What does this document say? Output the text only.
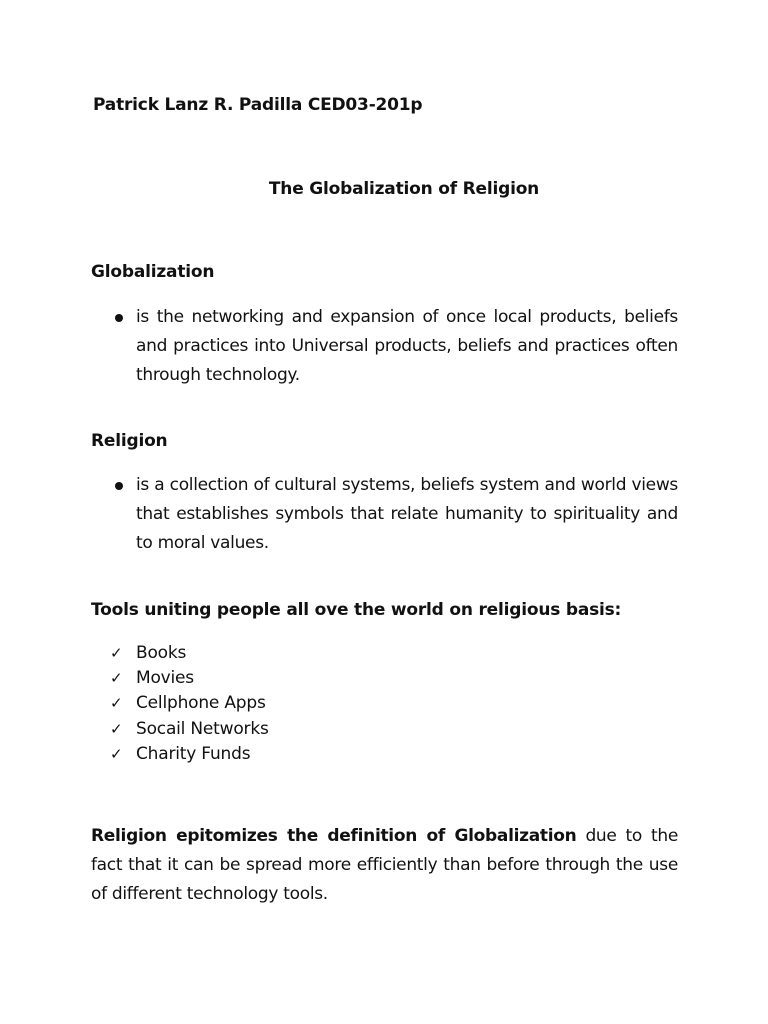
Patrick Lanz R. Padilla CED03-201p
The Globalization of Religion
Globalization
is the networking and expansion of once local products, beliefs and practices into Universal products, beliefs and practices often through technology.
Religion
is a collection of cultural systems, beliefs system and world views that establishes symbols that relate humanity to spirituality and to moral values.
Tools uniting people all ove the world on religious basis:
✓ Books
✓ Movies
✓ Cellphone Apps
✓ Socail Networks
✓ Charity Funds
Religion epitomizes the definition of Globalization due to the fact that it can be spread more efficiently than before through the use of different technology tools.
